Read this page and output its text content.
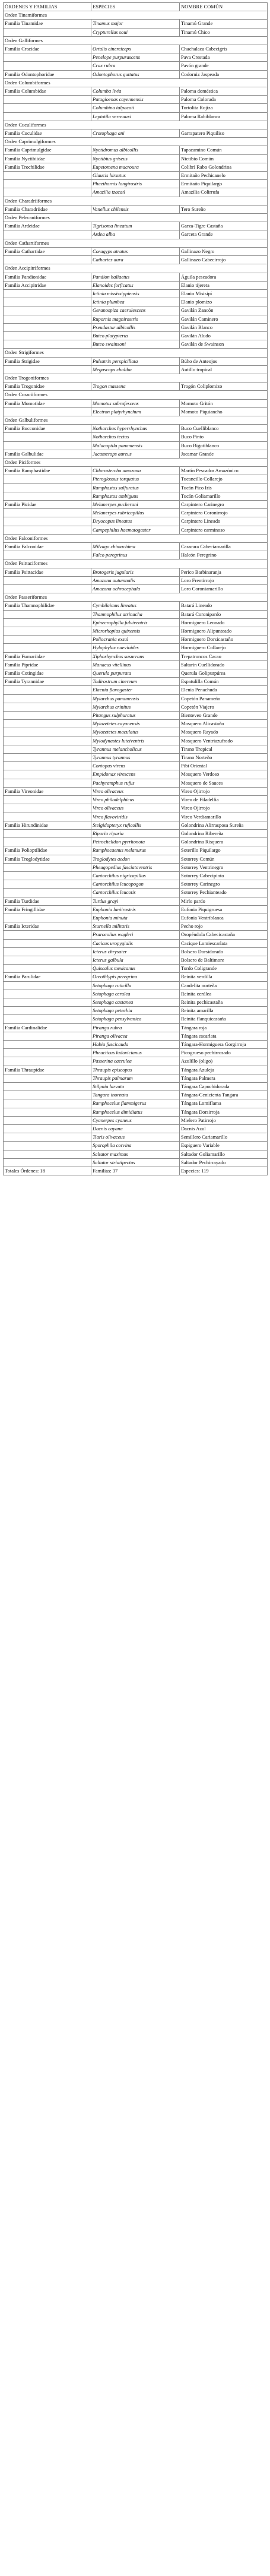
ÓRDENES Y FAMILIAS	ESPECIES	NOMBRE COMÚN
Orden Tinamiformes		
Familia Tinamidae	Tinamus major	Tinamú Grande
	Crypturellus soui	Tinamú Chico
Orden Galliformes		
Familia Cracidae	Ortalis cinereiceps	Chachalaca Cabecigris
	Penelope purpurascens	Pava Crestada
	Crax rubra	Pavón grande
Familia Odontophoridae	Odontophorus guttatus	Codorniz Jaspeada
Orden Columbiformes		
Familia Columbidae	Columba livia	Paloma doméstica
	Patagioenas cayennensis	Paloma Colorada
	Columbina talpacoti	Tortolita Rojiza
	Leptotila verreauxi	Paloma Rabiblanca
Orden Cuculiformes		
Familia Cuculidae	Crotophaga ani	Garrapatero Piquiliso
Orden Caprimulgiformes		
Familia Caprimulgidae	Nyctidromus albicollis	Tapacamino Común
Familia Nyctibiidae	Nyctibius griseus	Nictibio Común
Familia Trochilidae	Eupetomena macroura	Colibrí Rabo Golondrina
	Glaucis hirsutus	Ermitaño Pechicanelo
	Phaethornis longirostris	Ermitaño Piquilargo
	Amazilia tzacatl	Amazilia Colirrufa
Orden Charadriiformes		
Familia Charadriidae	Vanellus chilensis	Tero Sureño
Orden Pelecaniformes		
Familia Ardeidae	Tigrisoma lineatum	Garza-Tigre Castaña
	Ardea alba	Garceta Grande
Orden Cathartiformes		
Familia Cathartidae	Coragyps atratus	Gallinazo Negro
	Cathartes aura	Gallinazo Cabecirrojo
Orden Accipitriformes		
Familia Pandionidae	Pandion haliaetus	Águila pescadora
Familia Accipitridae	Elanoides forficatus	Elanio tijereta
	Ictinia mississippiensis	Elanio Misisipí
	Ictinia plumbea	Elanio plomizo
	Geranospiza caerulescens	Gavilán Zancón
	Rupornis magnirostris	Gavilán Caminero
	Pseudastur albicollis	Gavilán Blanco
	Buteo platypterus	Gavilán Aludo
	Buteo swainsoni	Gavilán de Swainson
Orden Strigiformes		
Familia Strigidae	Pulsatrix perspicillata	Búho de Anteojos
	Megascops choliba	Autillo tropical
Orden Trogoniformes		
Familia Trogonidae	Trogon massena	Trogón Coliplomizo
Orden Coraciiformes		
Familia Momotidae	Momotus subrufescens	Momoto Gritón
	Electron platyrhynchum	Momoto Piquiancho
Orden Galbuliformes		
Familia Bucconidae	Notharchus hyperrhynchus	Buco Cuelliblanco
	Notharchus tectus	Buco Pinto
	Malacoptila panamensis	Buco Bigotiblanco
Familia Galbulidae	Jacamerops aureus	Jacamar Grande
Orden Piciformes		
Familia Ramphastidae	Chlorostercha amazona	Martín Pescador Amazónico
	Pteroglossus torquatus	Tucancillo Collarejo
	Ramphastos sulfuratus	Tucán Pico Iris
	Ramphastos ambiguus	Tucán Goliamarillo
Familia Picidae	Melanerpes pucherani	Carpintero Carinegro
	Melanerpes rubricapillus	Carpintero Coronirrojo
	Dryocopus lineatus	Carpintero Lineado
	Campephilus haematogaster	Carpintero carminoso
Orden Falconiformes		
Familia Falconidae	Milvago chimachima	Caracara Cabeciamarilla
	Falco peregrinus	Halcón Peregrino
Orden Psittaciformes		
Familia Psittacidae	Brotogeris jugularis	Perico Barbinaranja
	Amazona autumnalis	Loro Frentirrojo
	Amazona ochrocephala	Loro Coroniamarillo
Orden Passeriformes		
Familia Thamnophilidae	Cymbilaimus lineatus	Batará Lineado
	Thamnophilus atrinucha	Batará Coronipardo
	Epinecrophylla fulviventris	Hormiguero Leonado
	Microrhopias quixensis	Hormiguero Alipunteado
	Poliocrania exsul	Hormiguero Dorsicastaño
	Hylophylax naevioides	Hormiguero Collarejo
Familia Furnariidae	Xiphorhynchus susurrans	Trepatroncos Cacao
Familia Pipridae	Manacus vitellinus	Saltarín Cuellidorado
Familia Cotingidae	Querula purpurata	Querula Golipurpúrea
Familia Tyrannidae	Todirostrum cinereum	Espatulilla Común
	Elaenia flavogaster	Elenia Penachuda
	Myiarchus panamensis	Copetón Panameño
	Myiarchus crinitus	Copetón Viajero
	Pitangus sulphuratus	Bienteveo Grande
	Myiozetetes cayanensis	Mosquero Alicastaño
	Myiozetetes maculatus	Mosquero Rayado
	Myiodynastes luteiventris	Mosquero Ventriazufrado
	Tyrannus melancholicus	Tirano Tropical
	Tyrannus tyrannus	Tirano Norteño
	Contopus virens	Pibí Oriental
	Empidonax virescens	Mosquero Verdoso
	Pachyramphus rufus	Mosquero de Sauces
Familia Vireonidae	Vireo olivaceus	Vireo Ojirrojo
	Vireo philadelphicus	Vireo de Filadelfia
	Vireo olivaceus	Vireo Ojirrojo
	Vireo flavoviridis	Vireo Verdiamarillo
Familia Hirundinidae	Stelgidopteryx ruficollis	Golondrina Alirrasposa Sureña
	Riparia riparia	Golondrina Ribereña
	Petrochelidon pyrrhonota	Golondrina Risquera
Familia Polioptilidae	Ramphocaenus melanurus	Soterillo Piquilargo
Familia Troglodytidae	Troglodytes aedon	Sotorrey Común
	Pheugopedius fasciatoventris	Sotorrey Ventrinegro
	Cantorchilus nigricapillus	Sotorrey Cabecipinto
	Cantorchilus leucopogon	Sotorrey Carinegro
	Cantorchilus leucotis	Sotorrey Pechianteado
Familia Turdidae	Turdus grayi	Mirlo pardo
Familia Fringillidae	Euphonia laniirostris	Eufonia Piquigruesa
	Euphonia minuta	Eufonia Ventriblanca
Familia Icteridae	Sturnella militaris	Pecho rojo
	Psarocolius wagleri	Oropéndola Cabecicastaña
	Cacicus uropygialis	Cacique Lomiescarlata
	Icterus chrysater	Bolsero Dorsidorado
	Icterus galbula	Bolsero de Baltimore
	Quiscalus mexicanus	Tordo Coligrande
Familia Parulidae	Oreothlypis peregrina	Reinita verdilla
	Setophaga ruticilla	Candelita norteña
	Setophaga cerulea	Reinita cerúlea
	Setophaga castanea	Reinita pechicastaña
	Setophaga petechia	Reinita amarilla
	Setophaga pensylvanica	Reinita flanquicastaña
Familia Cardinalidae	Piranga rubra	Tángara roja
	Piranga olivacea	Tángara escarlata
	Habia fuscicauda	Tángara-Hormiguera Gorgirroja
	Pheucticus ludovicianus	Picogrueso pechirrosado
	Passerina caerulea	Azulillo (oligo)
Familia Thraupidae	Thraupis episcopus	Tángara Azuleja
	Thraupis palmarum	Tángara Palmera
	Stilpnia larvata	Tángara Capuchidorada
	Tangara inornata	Tángara-Cenicienta Tangara
	Ramphocelus flammigerus	Tángara Lomiflama
	Ramphocelus dimidiatus	Tángara Dorsirroja
	Cyanerpes cyaneus	Mielero Patirrojo
	Dacnis cayana	Dacnis Azul
	Tiaris olivaceus	Semillero Cariamarillo
	Sporophila corvina	Espiguero Variable
	Saltator maximus	Saltador Goliamarillo
	Saltator striatipectus	Saltador Pechirrayado
Totales Órdenes: 18	Familias: 37	Especies: 119
